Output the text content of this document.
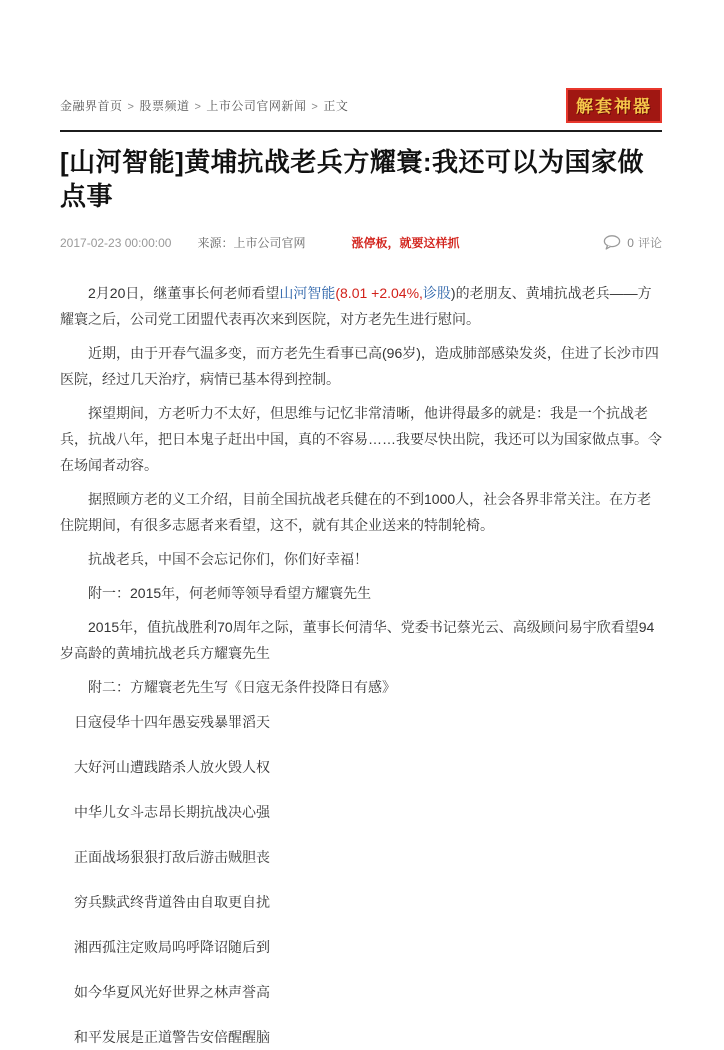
金融界首页 > 股票频道 > 上市公司官网新闻 > 正文	解套神器
[山河智能]黄埔抗战老兵方耀寰:我还可以为国家做点事
2017-02-23 00:00:00 来源：上市公司官网	涨停板，就要这样抓	0 评论

2月20日，继董事长何老师看望山河智能(8.01 +2.04%,诊股)的老朋友、黄埔抗战老兵——方耀寰之后，公司党工团盟代表再次来到医院，对方老先生进行慰问。

近期，由于开春气温多变，而方老先生看事已高(96岁)，造成肺部感染发炎，住进了长沙市四医院，经过几天治疗，病情已基本得到控制。

探望期间，方老听力不太好，但思维与记忆非常清晰，他讲得最多的就是：我是一个抗战老兵，抗战八年，把日本鬼子赶出中国，真的不容易……我要尽快出院，我还可以为国家做点事。令在场闻者动容。

据照顾方老的义工介绍，目前全国抗战老兵健在的不到1000人，社会各界非常关注。在方老住院期间，有很多志愿者来看望，这不，就有其企业送来的特制轮椅。

抗战老兵，中国不会忘记你们，你们好幸福！

附一：2015年，何老师等领导看望方耀寰先生

2015年，值抗战胜利70周年之际，董事长何清华、党委书记蔡光云、高级顾问易宇欣看望94岁高龄的黄埔抗战老兵方耀寰先生

附二：方耀寰老先生写《日寇无条件投降日有感》

日寇侵华十四年愚妄残暴罪滔天

大好河山遭践踏杀人放火毁人权

中华儿女斗志昂长期抗战决心强

正面战场狠狠打敌后游击贼胆丧

穷兵黩武终背道咎由自取更自扰

湘西孤注定败局呜呼降诏随后到

如今华夏风光好世界之林声誉高

和平发展是正道警告安倍醒醒脑
